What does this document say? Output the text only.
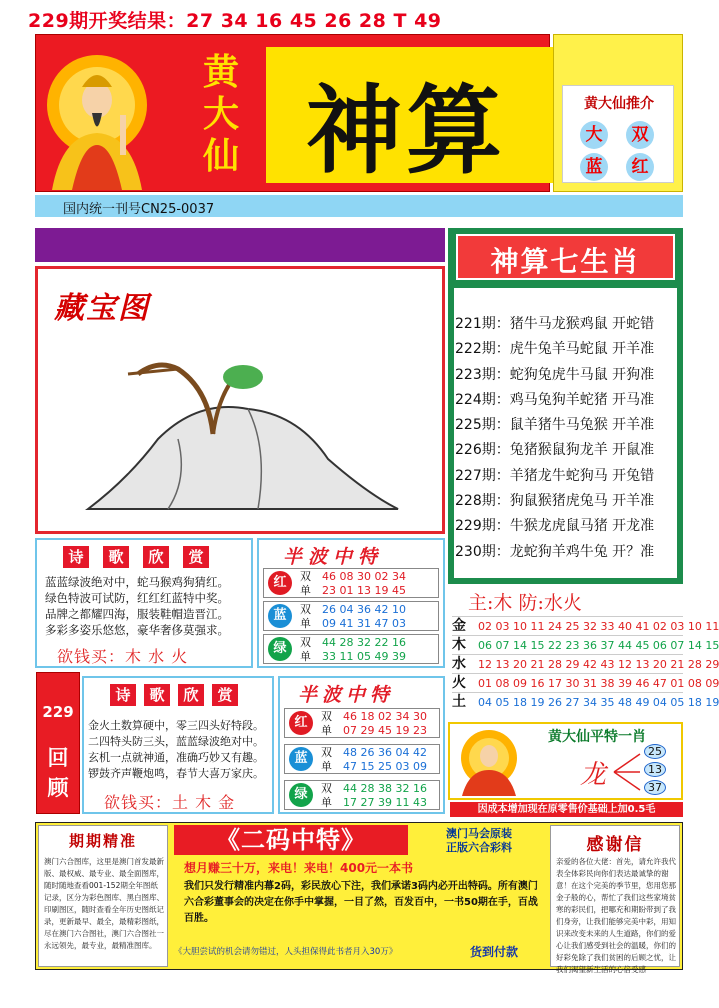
229期开奖结果：27 34 16 45 26 28 T 49
黄
大
仙 神算	黄大仙推介
大	双
蓝	红
国内统一刊号CN25-0037
藏宝图
神算七生肖
221期：猪牛马龙猴鸡鼠 开蛇错
222期：虎牛兔羊马蛇鼠 开羊准
223期：蛇狗兔虎牛马鼠 开狗准
224期：鸡马兔狗羊蛇猪 开马准
225期：鼠羊猪牛马兔猴 开羊准
226期：兔猪猴鼠狗龙羊 开鼠准
227期：羊猪龙牛蛇狗马 开兔错
228期：狗鼠猴猪虎兔马 开羊准
229期：牛猴龙虎鼠马猪 开龙准
230期：龙蛇狗羊鸡牛兔 开？准
诗 歌 欣 赏
蓝蓝绿波绝对中，蛇马猴鸡狗猜红。
绿色特波可试防，红红红蓝特中奖。
品牌之都耀四海，服装鞋帽造晋江。
多彩多姿乐悠悠，豪华奢侈莫强求。
欲钱买：木 水 火
半波中特
红	双 46 08 30 02 34
单 23 01 13 19 45
蓝	双 26 04 36 42 10
单 09 41 31 47 03
绿	双 44 28 32 22 16
单 33 11 05 49 39
主:木 防:水火
金	02 03 10 11 24 25 32 33 40 41 02 03 10 11
木	06 07 14 15 22 23 36 37 44 45 06 07 14 15
水	12 13 20 21 28 29 42 43 12 13 20 21 28 29
火	01 08 09 16 17 30 31 38 39 46 47 01 08 09
土	04 05 18 19 26 27 34 35 48 49 04 05 18 19
229
回
顾
诗 歌 欣 赏
金火土数算硬中，零三四头好特段。
二四特头防三头，蓝蓝绿波绝对中。
玄机一点就神通，准确巧妙又有趣。
锣鼓齐声鞭炮鸣，春节大喜万家庆。
欲钱买：土 木 金
半波中特
红	双 46 18 02 34 30
单 07 29 45 19 23
蓝	双 48 26 36 04 42
单 47 15 25 03 09
绿	双 44 28 38 32 16
单 17 27 39 11 43
黄大仙平特一肖
龙
25
13
37
因成本增加现在原零售价基础上加0.5毛
期期精准
澳门六合图库，这里是澳门首发最新版、最权威、最专业、最全面图库，随时随地查看001-152期全年图纸记录，区分为彩色图库、黑白图库、印刷图区，随时查看全年历史图纸记录，更新最早、最全，最精彩图纸，尽在澳门六合图社，澳门六合图社一永远领先，最专业，最精准图库。
《二码中特》	澳门马会原装
正版六合彩料
想月赚三十万，来电！来电！400元一本书
我们只发行精准内幕2码，彩民放心下注，我们承诺3码内必开出特码。所有澳门六合彩董事会的决定在你手中掌握，一目了然，百发百中，一书50期在手，百战百胜。
《大胆尝试的机会请勿错过，人头担保得此书者月入30万》	货到付款
感谢信
亲爱的各位大佬：首先，请允许我代表全体彩民向你们表达最诚挚的谢意！在这个完美的季节里，您用您那金子般的心，帮忙了我们这些家境贫寒的彩民们，把哪充和期盼带到了我们身旁，让我们能够完美中彩，用知识来改变未来的人生道路，你们的爱心让我们感受到社会的温暖，你们的好彩免除了我们贫困的后顾之忧，让我们渴望新生活的心倍受感
